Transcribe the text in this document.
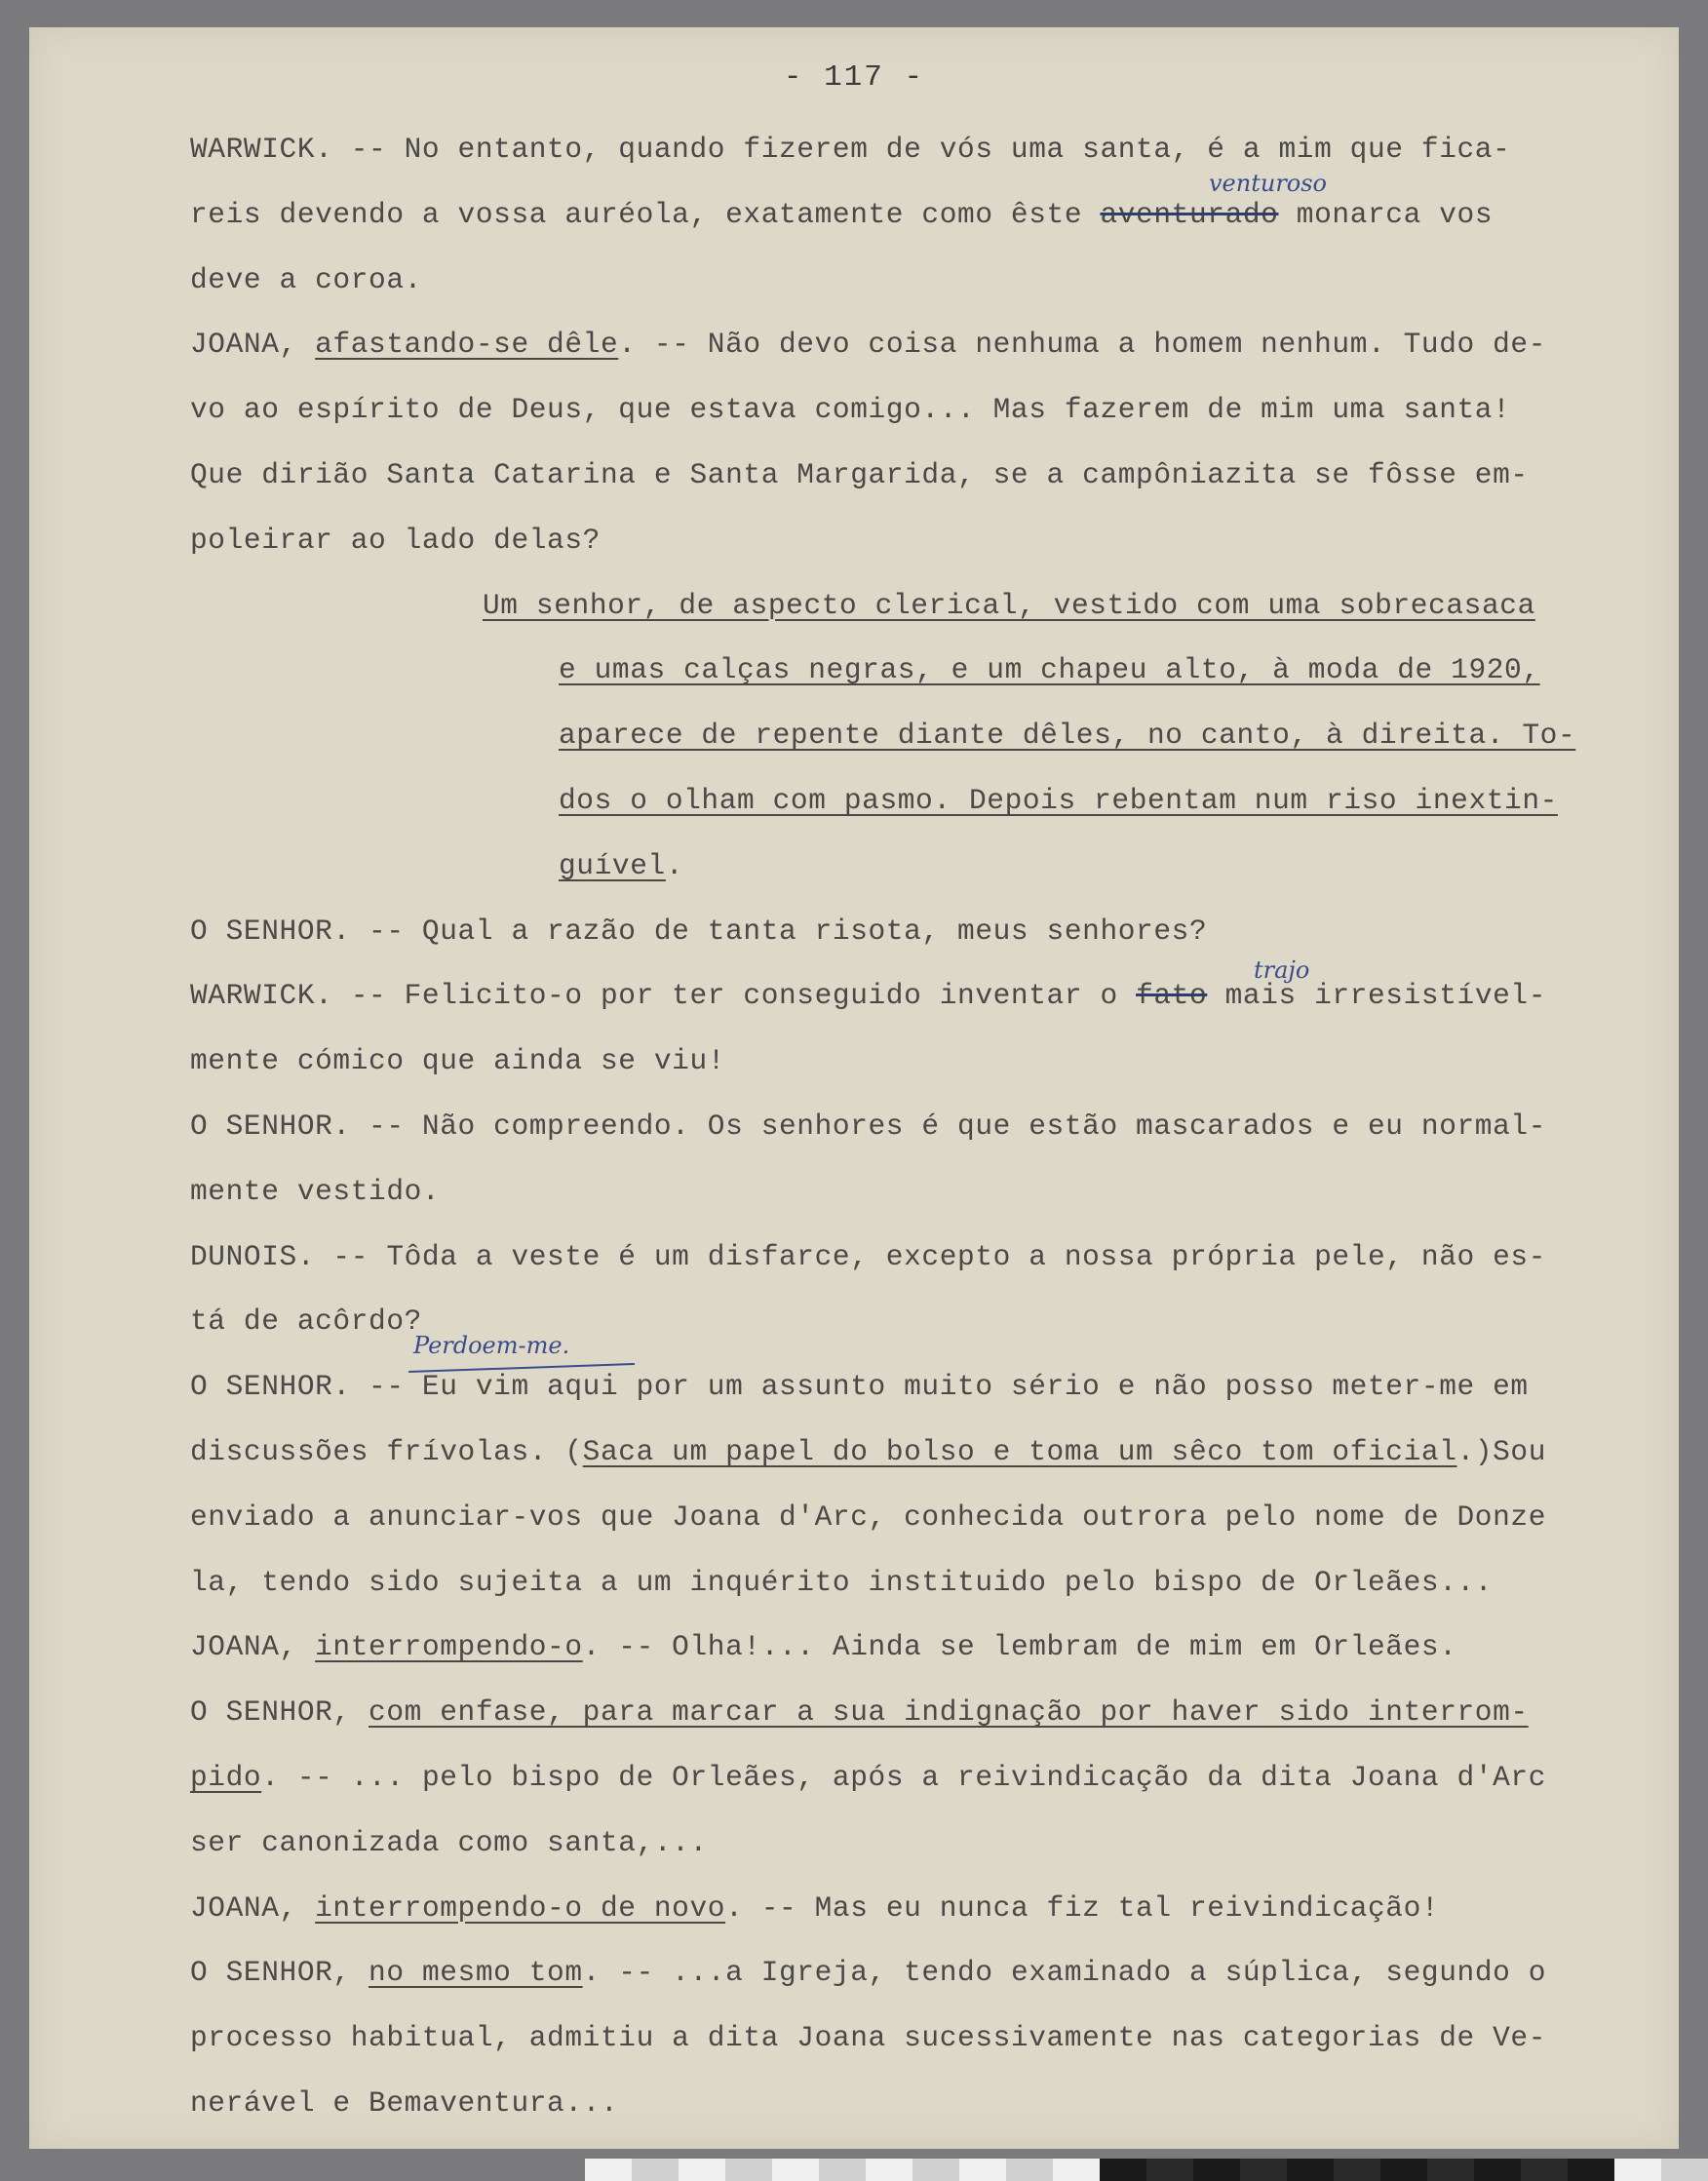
- 117 -
WARWICK. -- No entanto, quando fizerem de vós uma santa, é a mim que fica-
reis devendo a vossa auréola, exatamente como êste aventurado monarca vos
deve a coroa.
JOANA, afastando-se dêle. -- Não devo coisa nenhuma a homem nenhum. Tudo de-
vo ao espírito de Deus, que estava comigo... Mas fazerem de mim uma santa!
Que dirião Santa Catarina e Santa Margarida, se a campôniazita se fôsse em-
poleirar ao lado delas?
Um senhor, de aspecto clerical, vestido com uma sobrecasaca
e umas calças negras, e um chapeu alto, à moda de 1920,
aparece de repente diante dêles, no canto, à direita. To-
dos o olham com pasmo. Depois rebentam num riso inextin-
guível.
O SENHOR. -- Qual a razão de tanta risota, meus senhores?
WARWICK. -- Felicito-o por ter conseguido inventar o fato mais irresistível-
mente cómico que ainda se viu!
O SENHOR. -- Não compreendo. Os senhores é que estão mascarados e eu normal-
mente vestido.
DUNOIS. -- Tôda a veste é um disfarce, excepto a nossa própria pele, não es-
tá de acôrdo?
O SENHOR. -- Eu vim aqui por um assunto muito sério e não posso meter-me em
discussões frívolas. (Saca um papel do bolso e toma um sêco tom oficial.)Sou
enviado a anunciar-vos que Joana d'Arc, conhecida outrora pelo nome de Donze
la, tendo sido sujeita a um inquérito instituido pelo bispo de Orleães...
JOANA, interrompendo-o. -- Olha!... Ainda se lembram de mim em Orleães.
O SENHOR, com enfase, para marcar a sua indignação por haver sido interrom-
pido. -- ... pelo bispo de Orleães, após a reivindicação da dita Joana d'Arc
ser canonizada como santa,...
JOANA, interrompendo-o de novo. -- Mas eu nunca fiz tal reivindicação!
O SENHOR, no mesmo tom. -- ...a Igreja, tendo examinado a súplica, segundo o
processo habitual, admitiu a dita Joana sucessivamente nas categorias de Ve-
nerável e Bemaventura...
venturoso
trajo
Perdoem-me.
